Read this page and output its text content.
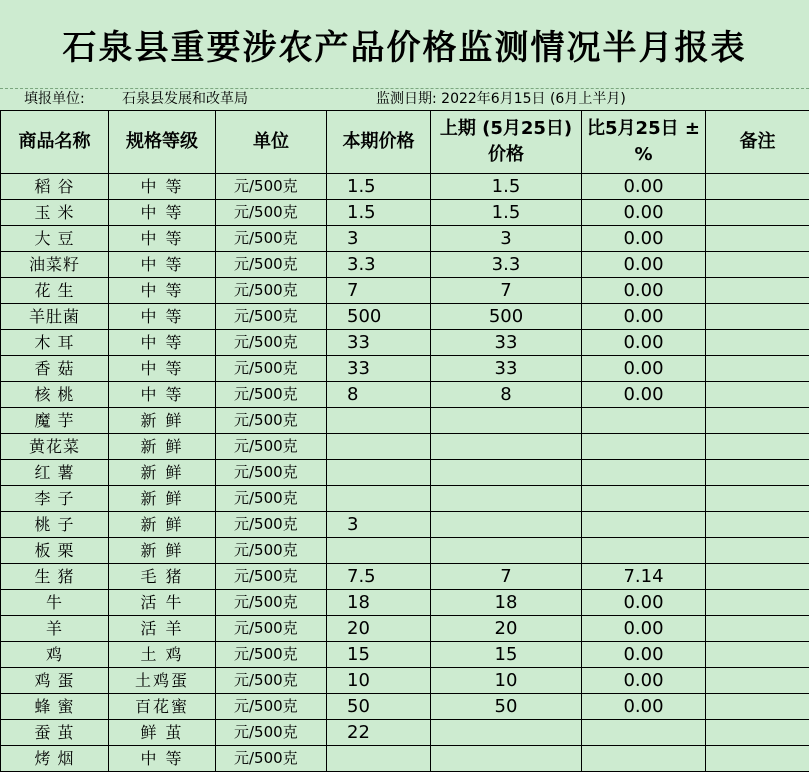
石泉县重要涉农产品价格监测情况半月报表
填报单位:	石泉县发展和改革局	监测日期: 2022年6月15日 (6月上半月)
商品名称	规格等级	单位	本期价格	上期 (5月25日) 价格	比5月25日 ± %	备注
稻 谷	中 等	元/500克	1.5	1.5	0.00	
玉 米	中 等	元/500克	1.5	1.5	0.00	
大 豆	中 等	元/500克	3	3	0.00	
油菜籽	中 等	元/500克	3.3	3.3	0.00	
花 生	中 等	元/500克	7	7	0.00	
羊肚菌	中 等	元/500克	500	500	0.00	
木 耳	中 等	元/500克	33	33	0.00	
香 菇	中 等	元/500克	33	33	0.00	
核 桃	中 等	元/500克	8	8	0.00	
魔 芋	新 鲜	元/500克				
黄花菜	新 鲜	元/500克				
红 薯	新 鲜	元/500克				
李 子	新 鲜	元/500克				
桃 子	新 鲜	元/500克	3			
板 栗	新 鲜	元/500克				
生 猪	毛 猪	元/500克	7.5	7	7.14	
牛	活 牛	元/500克	18	18	0.00	
羊	活 羊	元/500克	20	20	0.00	
鸡	土 鸡	元/500克	15	15	0.00	
鸡 蛋	土鸡蛋	元/500克	10	10	0.00	
蜂 蜜	百花蜜	元/500克	50	50	0.00	
蚕 茧	鲜 茧	元/500克	22			
烤 烟	中 等	元/500克				
